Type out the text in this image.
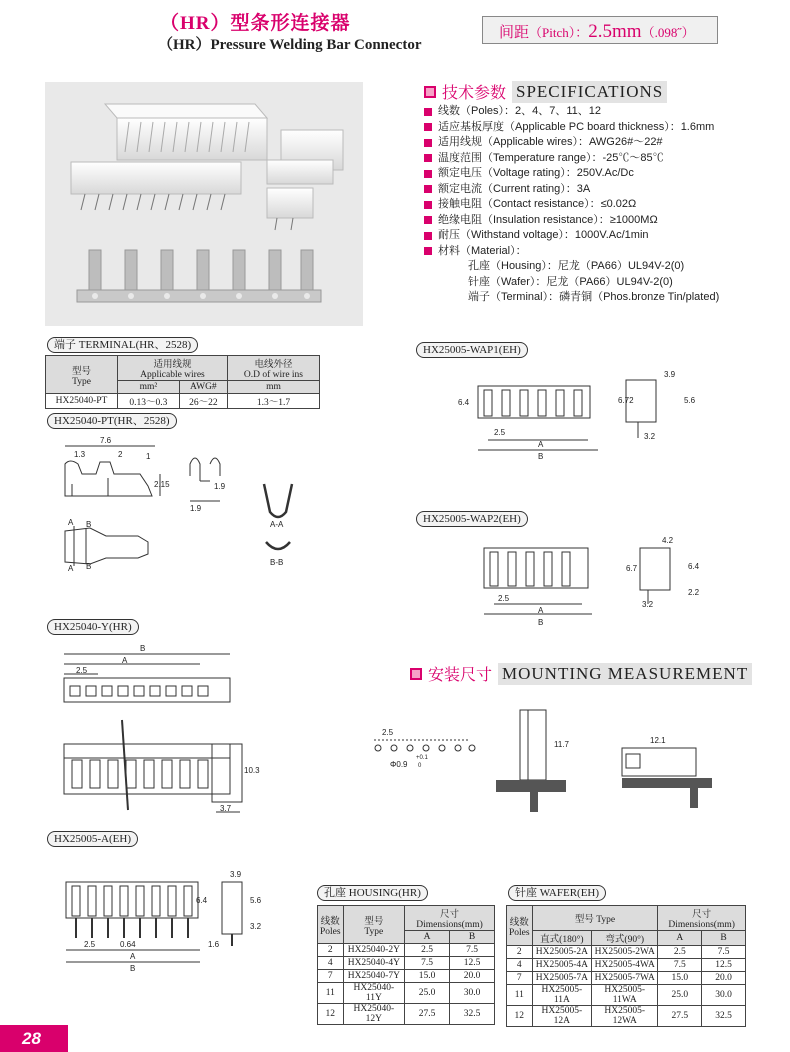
（HR）型条形连接器
（HR）Pressure Welding Bar Connector
间距（Pitch）：2.5mm（.098˝）
技术参数 SPECIFICATIONS
线数（Poles）：2、4、7、11、12
适应基板厚度（Applicable PC board thickness）：1.6mm
适用线规（Applicable wires）：AWG26#～22#
温度范围（Temperature range）：-25℃～85℃
额定电压（Voltage rating）：250V.Ac/Dc
额定电流（Current rating）：3A
接触电阻（Contact resistance）：≤0.02Ω
绝缘电阻（Insulation resistance）：≥1000MΩ
耐压（Withstand voltage）：1000V.Ac/1min
材料（Material）：
孔座（Housing）：尼龙（PA66）UL94V-2(0)
针座（Wafer）：尼龙（PA66）UL94V-2(0)
端子（Terminal）：磷青铜（Phos.bronze Tin/plated)
端子 TERMINAL(HR、2528)
型号
Type	适用线规
Applicable wires		电线外径
O.D of wire ins
	mm²	AWG#	mm
HX25040-PT	0.13～0.3	26～22	1.3～1.7
HX25040-PT(HR、2528)
7.6
1.3	2	1
2.15	1.9
1.9
A-A
B-B
A B
A B
HX25040-Y(HR)
B
A
2.5
10.3
3.7
HX25005-A(EH)
3.9
6.4	5.6
3.2
1.6
2.5	0.64
A
B
HX25005-WAP1(EH)
6.4
3.9
6.72	5.6
3.2
2.5
A
B
HX25005-WAP2(EH)
4.2
6.7	6.4
2.2
3.2
2.5
A
B
安装尺寸 MOUNTING MEASUREMENT
2.5
Φ0.9
+0.1
0
11.7	12.1
孔座 HOUSING(HR)
线数
Poles	型号
Type	尺寸Dimensions(mm)	
		A	B
2	HX25040-2Y	2.5	7.5
4	HX25040-4Y	7.5	12.5
7	HX25040-7Y	15.0	20.0
11	HX25040-11Y	25.0	30.0
12	HX25040-12Y	27.5	32.5
针座 WAFER(EH)
线数
Poles	型号 Type		尺寸Dimensions(mm)	
	直式(180°)	弯式(90°)	A	B
2	HX25005-2A	HX25005-2WA	2.5	7.5
4	HX25005-4A	HX25005-4WA	7.5	12.5
7	HX25005-7A	HX25005-7WA	15.0	20.0
11	HX25005-11A	HX25005-11WA	25.0	30.0
12	HX25005-12A	HX25005-12WA	27.5	32.5
28
